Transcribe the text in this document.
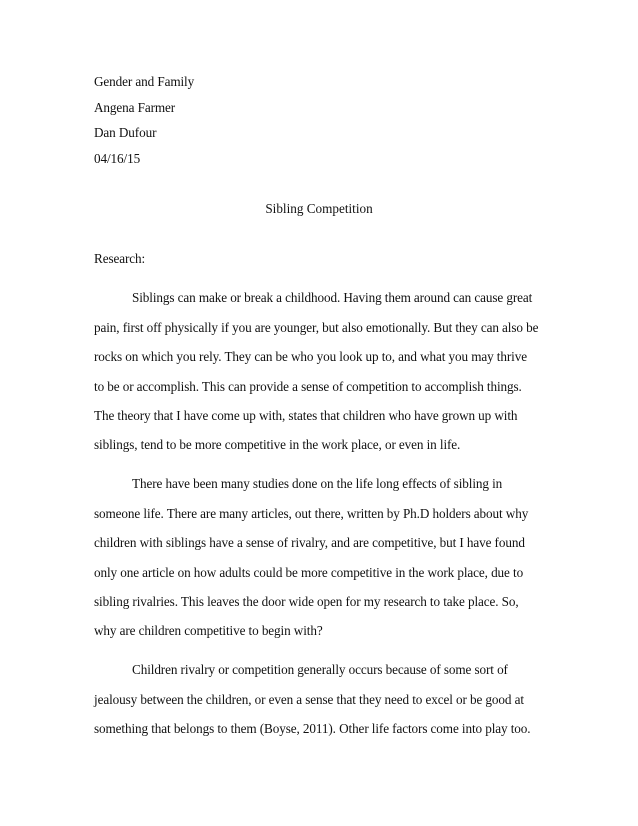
Gender and Family
Angena Farmer
Dan Dufour
04/16/15
Sibling Competition
Research:
Siblings can make or break a childhood. Having them around can cause great
pain, first off physically if you are younger, but also emotionally. But they can also be
rocks on which you rely. They can be who you look up to, and what you may thrive
to be or accomplish. This can provide a sense of competition to accomplish things.
The theory that I have come up with, states that children who have grown up with
siblings, tend to be more competitive in the work place, or even in life.
There have been many studies done on the life long effects of sibling in
someone life. There are many articles, out there, written by Ph.D holders about why
children with siblings have a sense of rivalry, and are competitive, but I have found
only one article on how adults could be more competitive in the work place, due to
sibling rivalries. This leaves the door wide open for my research to take place. So,
why are children competitive to begin with?
Children rivalry or competition generally occurs because of some sort of
jealousy between the children, or even a sense that they need to excel or be good at
something that belongs to them (Boyse, 2011). Other life factors come into play too.
